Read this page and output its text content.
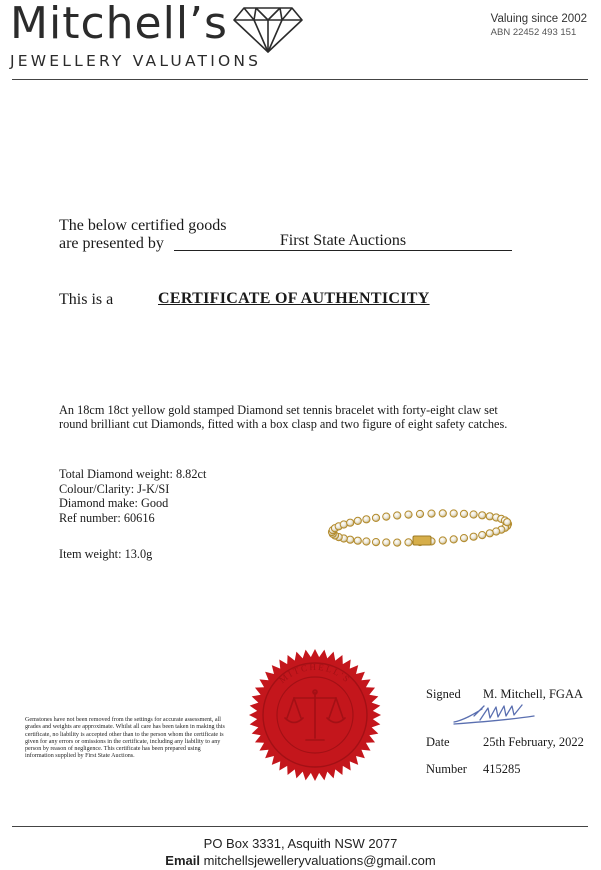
Mitchell’s
JEWELLERY VALUATIONS
Valuing since 2002
ABN 22452 493 151
The below certified goods
are presented by	First State Auctions
This is a	CERTIFICATE OF AUTHENTICITY
An 18cm 18ct yellow gold stamped Diamond set tennis bracelet with forty-eight claw set round brilliant cut Diamonds, fitted with a box clasp and two figure of eight safety catches.
Total Diamond weight: 8.82ct
Colour/Clarity: J-K/SI
Diamond make: Good
Ref number: 60616
Item weight: 13.0g
MITCHELL'S
Gemstones have not been removed from the settings for accurate assessment, all grades and weights are approximate. Whilst all care has been taken in making this certificate, no liability is accepted other than to the person whom the certificate is given for any errors or omissions in the certificate, including any liability to any person by reason of negligence. This certificate has been prepared using information supplied by First State Auctions.
Signed M. Mitchell, FGAA
Date	25th February, 2022
Number 415285
PO Box 3331, Asquith NSW 2077
Email mitchellsjewelleryvaluations@gmail.com
